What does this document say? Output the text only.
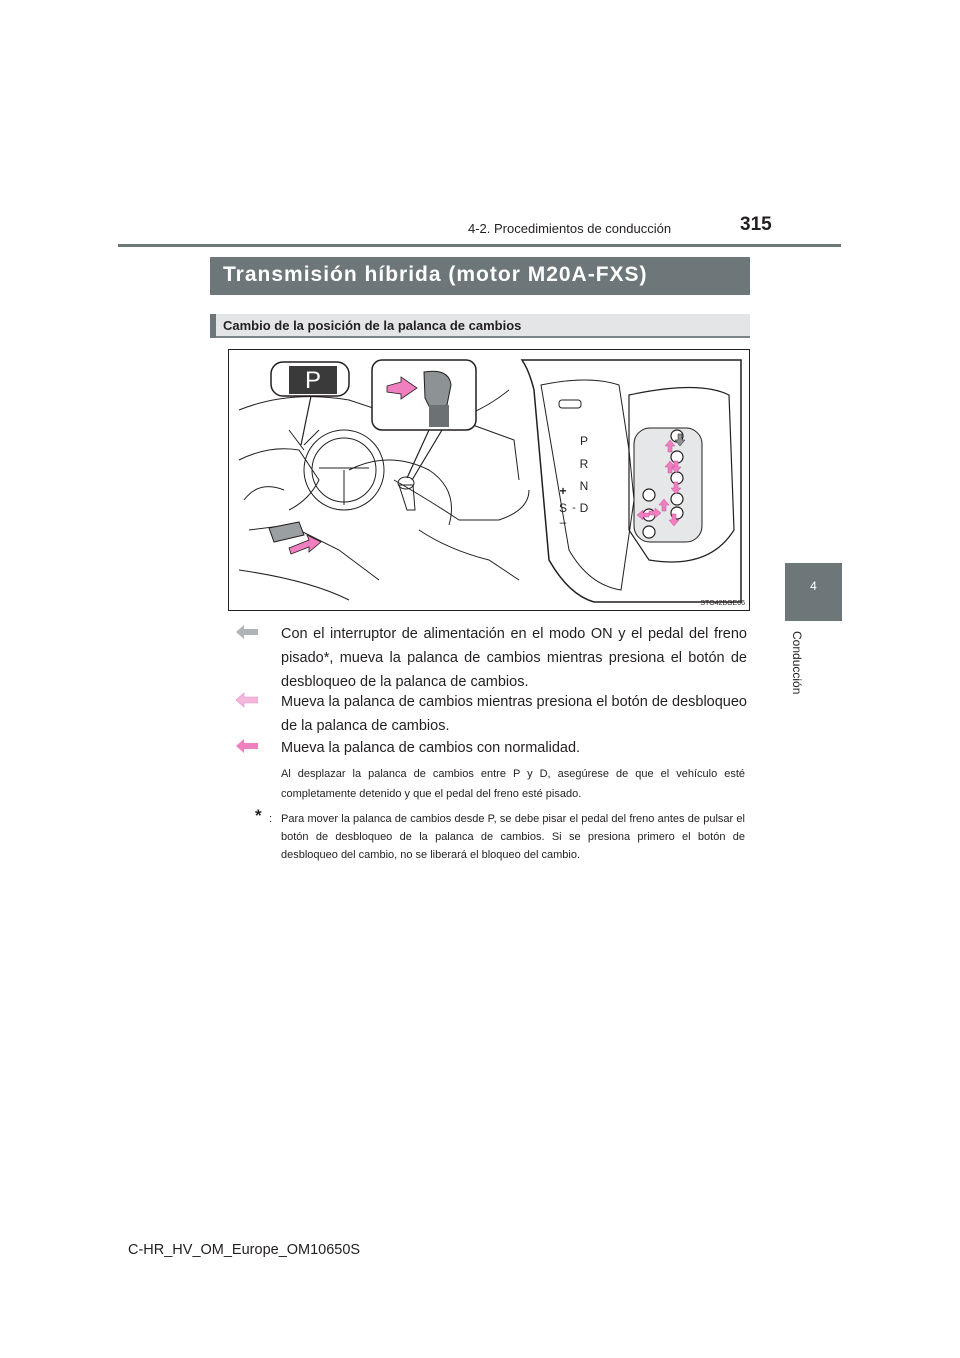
4-2. Procedimientos de conducción	315
4
Conducción
Transmisión híbrida (motor M20A-FXS)
Cambio de la posición de la palanca de cambios
P
P
R
N
D
+
S -
–
STO42BGE06
Con el interruptor de alimentación en el modo ON y el pedal del freno pisado*, mueva la palanca de cambios mientras presiona el botón de desbloqueo de la palanca de cambios.
Mueva la palanca de cambios mientras presiona el botón de desbloqueo de la palanca de cambios.
Mueva la palanca de cambios con normalidad.
Al desplazar la palanca de cambios entre P y D, asegúrese de que el vehículo esté completamente detenido y que el pedal del freno esté pisado.
* : Para mover la palanca de cambios desde P, se debe pisar el pedal del freno antes de pulsar el botón de desbloqueo de la palanca de cambios. Si se presiona primero el botón de desbloqueo del cambio, no se liberará el bloqueo del cambio.
C-HR_HV_OM_Europe_OM10650S
